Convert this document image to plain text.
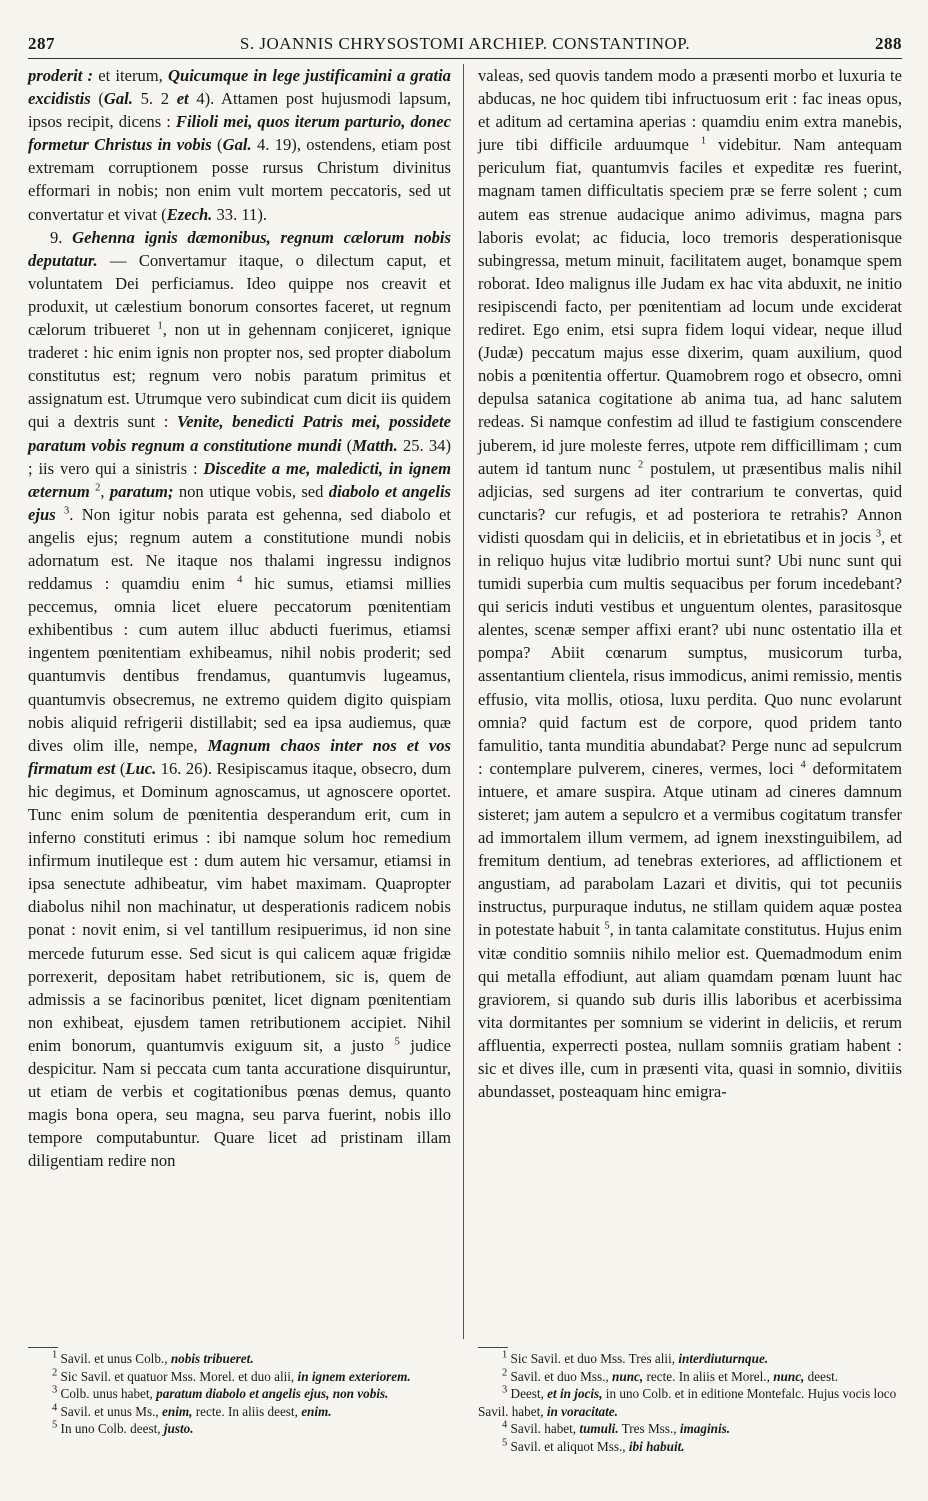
287	S. JOANNIS CHRYSOSTOMI ARCHIEP. CONSTANTINOP.	288

proderit : et iterum, Quicumque in lege justificamini a gratia excidistis (Gal. 5. 2 et 4). Attamen post hujusmodi lapsum, ipsos recipit, dicens : Filioli mei, quos iterum parturio, donec formetur Christus in vobis (Gal. 4. 19), ostendens, etiam post extremam corruptionem posse rursus Christum divinitus efformari in nobis; non enim vult mortem peccatoris, sed ut convertatur et vivat (Ezech. 33. 11).

9. Gehenna ignis dæmonibus, regnum cælorum nobis deputatur. — Convertamur itaque, o dilectum caput, et voluntatem Dei perficiamus. Ideo quippe nos creavit et produxit, ut cælestium bonorum consortes faceret, ut regnum cælorum tribueret $^1$, non ut in gehennam conjiceret, ignique traderet : hic enim ignis non propter nos, sed propter diabolum constitutus est; regnum vero nobis paratum primitus et assignatum est. Utrumque vero subindicat cum dicit iis quidem qui a dextris sunt : Venite, benedicti Patris mei, possidete paratum vobis regnum a constitutione mundi (Matth. 25. 34) ; iis vero qui a sinistris : Discedite a me, maledicti, in ignem æternum $^2$, paratum; non utique vobis, sed diabolo et angelis ejus $^3$. Non igitur nobis parata est gehenna, sed diabolo et angelis ejus; regnum autem a constitutione mundi nobis adornatum est. Ne itaque nos thalami ingressu indignos reddamus : quamdiu enim $^4$ hic sumus, etiamsi millies peccemus, omnia licet eluere peccatorum pœnitentiam exhibentibus : cum autem illuc abducti fuerimus, etiamsi ingentem pœnitentiam exhibeamus, nihil nobis proderit; sed quantumvis dentibus frendamus, quantumvis lugeamus, quantumvis obsecremus, ne extremo quidem digito quispiam nobis aliquid refrigerii distillabit; sed ea ipsa audiemus, quæ dives olim ille, nempe, Magnum chaos inter nos et vos firmatum est (Luc. 16. 26). Resipiscamus itaque, obsecro, dum hic degimus, et Dominum agnoscamus, ut agnoscere oportet. Tunc enim solum de pœnitentia desperandum erit, cum in inferno constituti erimus : ibi namque solum hoc remedium infirmum inutileque est : dum autem hic versamur, etiamsi in ipsa senectute adhibeatur, vim habet maximam. Quapropter diabolus nihil non machinatur, ut desperationis radicem nobis ponat : novit enim, si vel tantillum resipuerimus, id non sine mercede futurum esse. Sed sicut is qui calicem aquæ frigidæ porrexerit, depositam habet retributionem, sic is, quem de admissis a se facinoribus pœnitet, licet dignam pœnitentiam non exhibeat, ejusdem tamen retributionem accipiet. Nihil enim bonorum, quantumvis exiguum sit, a justo $^5$ judice despicitur. Nam si peccata cum tanta accuratione disquiruntur, ut etiam de verbis et cogitationibus pœnas demus, quanto magis bona opera, seu magna, seu parva fuerint, nobis illo tempore computabuntur. Quare licet ad pristinam illam diligentiam redire non

valeas, sed quovis tandem modo a præsenti morbo et luxuria te abducas, ne hoc quidem tibi infructuosum erit : fac ineas opus, et aditum ad certamina aperias : quamdiu enim extra manebis, jure tibi difficile arduumque $^1$ videbitur. Nam antequam periculum fiat, quantumvis faciles et expeditæ res fuerint, magnam tamen difficultatis speciem præ se ferre solent ; cum autem eas strenue audacique animo adivimus, magna pars laboris evolat; ac fiducia, loco tremoris desperationisque subingressa, metum minuit, facilitatem auget, bonamque spem roborat. Ideo malignus ille Judam ex hac vita abduxit, ne initio resipiscendi facto, per pœnitentiam ad locum unde exciderat rediret. Ego enim, etsi supra fidem loqui videar, neque illud (Judæ) peccatum majus esse dixerim, quam auxilium, quod nobis a pœnitentia offertur. Quamobrem rogo et obsecro, omni depulsa satanica cogitatione ab anima tua, ad hanc salutem redeas. Si namque confestim ad illud te fastigium conscendere juberem, id jure moleste ferres, utpote rem difficillimam ; cum autem id tantum nunc $^2$ postulem, ut præsentibus malis nihil adjicias, sed surgens ad iter contrarium te convertas, quid cunctaris? cur refugis, et ad posteriora te retrahis? Annon vidisti quosdam qui in deliciis, et in ebrietatibus et in jocis $^3$, et in reliquo hujus vitæ ludibrio mortui sunt? Ubi nunc sunt qui tumidi superbia cum multis sequacibus per forum incedebant? qui sericis induti vestibus et unguentum olentes, parasitosque alentes, scenæ semper affixi erant? ubi nunc ostentatio illa et pompa? Abiit cœnarum sumptus, musicorum turba, assentantium clientela, risus immodicus, animi remissio, mentis effusio, vita mollis, otiosa, luxu perdita. Quo nunc evolarunt omnia? quid factum est de corpore, quod pridem tanto famulitio, tanta munditia abundabat? Perge nunc ad sepulcrum : contemplare pulverem, cineres, vermes, loci $^4$ deformitatem intuere, et amare suspira. Atque utinam ad cineres damnum sisteret; jam autem a sepulcro et a vermibus cogitatum transfer ad immortalem illum vermem, ad ignem inexstinguibilem, ad fremitum dentium, ad tenebras exteriores, ad afflictionem et angustiam, ad parabolam Lazari et divitis, qui tot pecuniis instructus, purpuraque indutus, ne stillam quidem aquæ postea in potestate habuit $^5$, in tanta calamitate constitutus. Hujus enim vitæ conditio somniis nihilo melior est. Quemadmodum enim qui metalla effodiunt, aut aliam quamdam pœnam luunt hac graviorem, si quando sub duris illis laboribus et acerbissima vita dormitantes per somnium se viderint in deliciis, et rerum affluentia, experrecti postea, nullam somniis gratiam habent : sic et dives ille, cum in præsenti vita, quasi in somnio, divitiis abundasset, posteaquam hinc emigra-

$^1$ Savil. et unus Colb., nobis tribueret.

$^2$ Sic Savil. et quatuor Mss. Morel. et duo alii, in ignem exteriorem.

$^3$ Colb. unus habet, paratum diabolo et angelis ejus, non vobis.

$^4$ Savil. et unus Ms., enim, recte. In aliis deest, enim.

$^5$ In uno Colb. deest, justo.

$^1$ Sic Savil. et duo Mss. Tres alii, interdiuturnque.

$^2$ Savil. et duo Mss., nunc, recte. In aliis et Morel., nunc, deest.

$^3$ Deest, et in jocis, in uno Colb. et in editione Montefalc. Hujus vocis loco Savil. habet, in voracitate.

$^4$ Savil. habet, tumuli. Tres Mss., imaginis.

$^5$ Savil. et aliquot Mss., ibi habuit.
